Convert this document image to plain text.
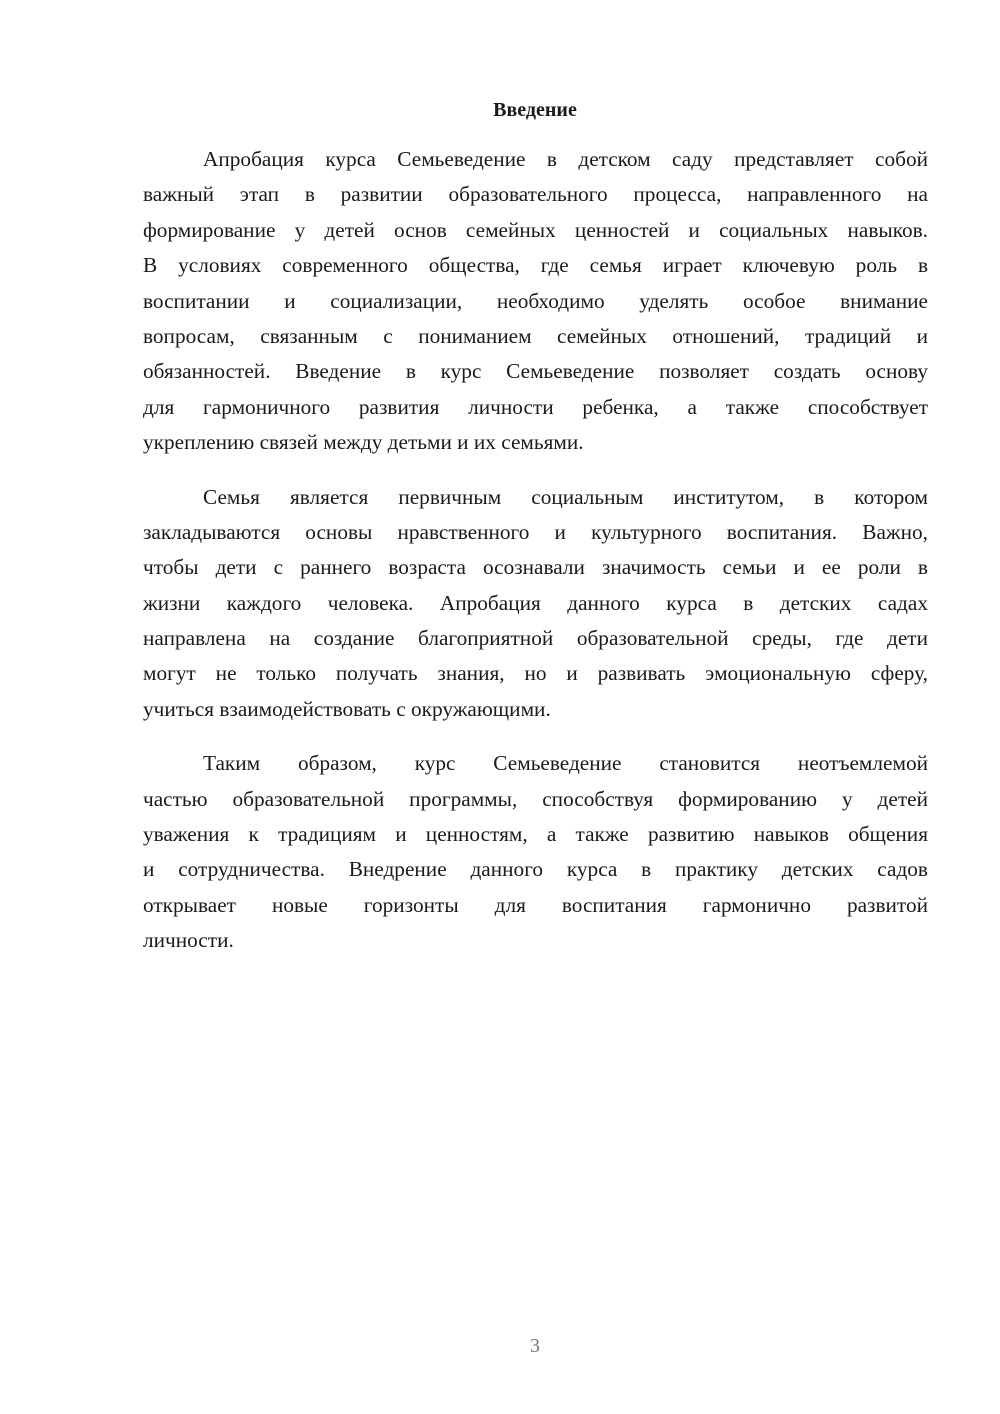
Введение
Апробация курса Семьеведение в детском саду представляет собой
важный этап в развитии образовательного процесса, направленного на
формирование у детей основ семейных ценностей и социальных навыков.
В условиях современного общества, где семья играет ключевую роль в
воспитании и социализации, необходимо уделять особое внимание
вопросам, связанным с пониманием семейных отношений, традиций и
обязанностей. Введение в курс Семьеведение позволяет создать основу
для гармоничного развития личности ребенка, а также способствует
укреплению связей между детьми и их семьями.
Семья является первичным социальным институтом, в котором
закладываются основы нравственного и культурного воспитания. Важно,
чтобы дети с раннего возраста осознавали значимость семьи и ее роли в
жизни каждого человека. Апробация данного курса в детских садах
направлена на создание благоприятной образовательной среды, где дети
могут не только получать знания, но и развивать эмоциональную сферу,
учиться взаимодействовать с окружающими.
Таким образом, курс Семьеведение становится неотъемлемой
частью образовательной программы, способствуя формированию у детей
уважения к традициям и ценностям, а также развитию навыков общения
и сотрудничества. Внедрение данного курса в практику детских садов
открывает новые горизонты для воспитания гармонично развитой
личности.
3
